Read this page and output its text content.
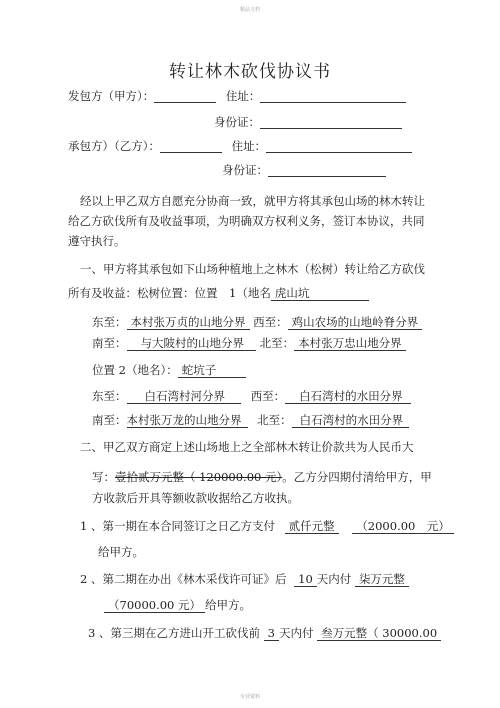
精品文档
转让林木砍伐协议书
发包方（甲方）：	住址：
身份证：
承包方）（乙方）：	住址：
身份证：
经以上甲乙双方自愿充分协商一致，就甲方将其承包山场的林木转让
给乙方砍伐所有及收益事项，为明确双方权利义务，签订本协议，共同
遵守执行。
一、甲方将其承包如下山场种植地上之林木（松树）转让给乙方砍伐
所有及收益：松树位置：位置　1（地名 虎山坑
东至： 本村张万贞的山地分界 西至： 鸡山农场的山地岭脊分界
南至： 与大陂村的山地分界 北至： 本村张万忠山地分界
位置 2（地名）： 蛇坑子
东至： 白石湾村河分界 西至： 白石湾村的水田分界
南至：本村张万龙的山地分界 北至： 白石湾村的水田分界
二、甲乙双方商定上述山场地上之全部林木转让价款共为人民币大
写：壹拾贰万元整（ 120000.00 元）。乙方分四期付清给甲方，甲
方收款后开具等额收款收据给乙方收执。
1 、第一期在本合同签订之日乙方支付 贰仟元整 （2000.00　元）
给甲方。
2 、第二期在办出《林木采伐许可证》后 10 天内付 柒万元整
（70000.00 元） 给甲方。
3 、第三期在乙方进山开工砍伐前 3 天内付 叁万元整（ 30000.00
专业资料
